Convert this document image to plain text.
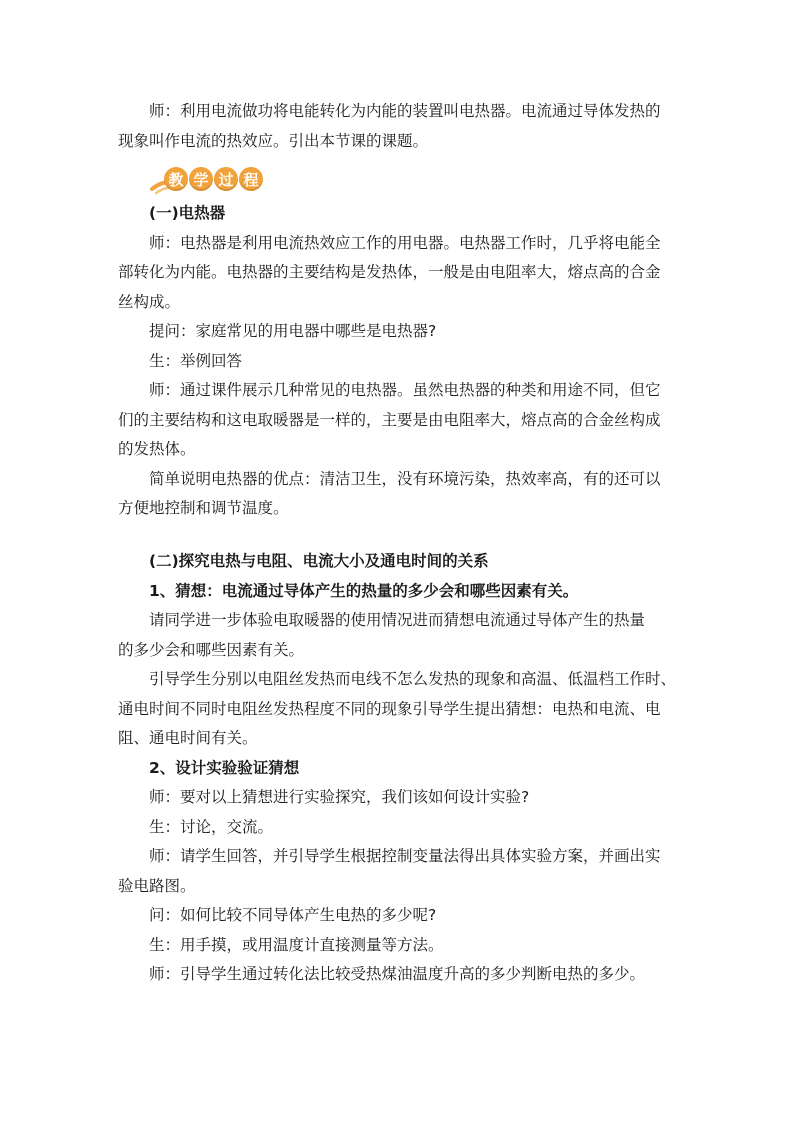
师：利用电流做功将电能转化为内能的装置叫电热器。电流通过导体发热的

现象叫作电流的热效应。引出本节课的课题。

教 学 过 程

(一)电热器

师：电热器是利用电流热效应工作的用电器。电热器工作时，几乎将电能全

部转化为内能。电热器的主要结构是发热体，一般是由电阻率大，熔点高的合金
丝构成。

提问：家庭常见的用电器中哪些是电热器?

生：举例回答

师：通过课件展示几种常见的电热器。虽然电热器的种类和用途不同，但它

们的主要结构和这电取暖器是一样的，主要是由电阻率大，熔点高的合金丝构成
的发热体。

简单说明电热器的优点：清洁卫生，没有环境污染，热效率高，有的还可以

方便地控制和调节温度。

(二)探究电热与电阻、电流大小及通电时间的关系

1、猜想：电流通过导体产生的热量的多少会和哪些因素有关。

请同学进一步体验电取暖器的使用情况进而猜想电流通过导体产生的热量

的多少会和哪些因素有关。

引导学生分别以电阻丝发热而电线不怎么发热的现象和高温、低温档工作时、

通电时间不同时电阻丝发热程度不同的现象引导学生提出猜想：电热和电流、电
阻、通电时间有关。

2、设计实验验证猜想

师：要对以上猜想进行实验探究，我们该如何设计实验?

生：讨论，交流。

师：请学生回答，并引导学生根据控制变量法得出具体实验方案，并画出实

验电路图。

问：如何比较不同导体产生电热的多少呢?

生：用手摸，或用温度计直接测量等方法。

师：引导学生通过转化法比较受热煤油温度升高的多少判断电热的多少。
